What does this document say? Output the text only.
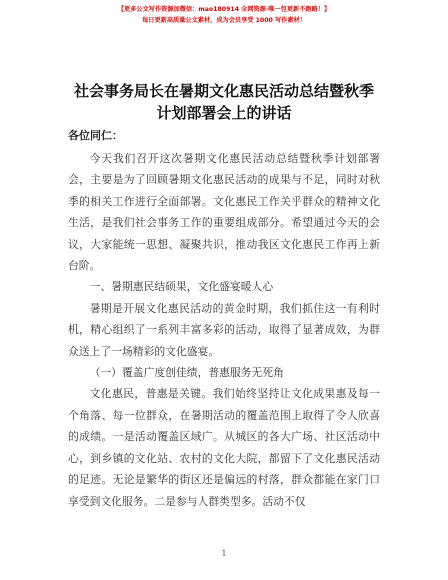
【更多公文写作资源加微信：mao180914 全网资源·唯一包更新不跑路！】
每日更新高质量公文素材，成为会员享受 1000 写作素材！
社会事务局长在暑期文化惠民活动总结暨秋季
计划部署会上的讲话
各位同仁：

今天我们召开这次暑期文化惠民活动总结暨秋季计划部署会，主要是为了回顾暑期文化惠民活动的成果与不足，同时对秋季的相关工作进行全面部署。文化惠民工作关乎群众的精神文化生活，是我们社会事务工作的重要组成部分。希望通过今天的会议，大家能统一思想、凝聚共识，推动我区文化惠民工作再上新台阶。

一、暑期惠民结硕果，文化盛宴暖人心

暑期是开展文化惠民活动的黄金时期，我们抓住这一有利时机，精心组织了一系列丰富多彩的活动，取得了显著成效，为群众送上了一场精彩的文化盛宴。

（一）覆盖广度创佳绩，普惠服务无死角

文化惠民，普惠是关键。我们始终坚持让文化成果惠及每一个角落、每一位群众，在暑期活动的覆盖范围上取得了令人欣喜的成绩。一是活动覆盖区域广。从城区的各大广场、社区活动中心，到乡镇的文化站、农村的文化大院，都留下了文化惠民活动的足迹。无论是繁华的街区还是偏远的村落，群众都能在家门口享受到文化服务。二是参与人群类型多。活动不仅

1
